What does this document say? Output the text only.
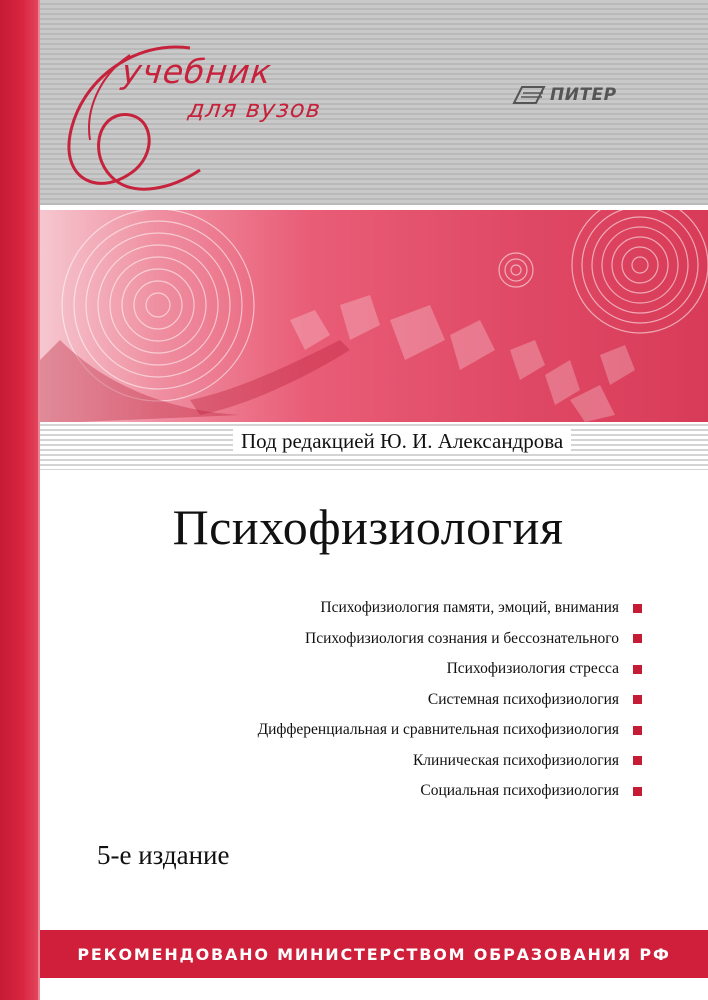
учебник
для вузов	ПИТЕР
Под редакцией Ю. И. Александрова
Психофизиология
Психофизиология памяти, эмоций, внимания
Психофизиология сознания и бессознательного
Психофизиология стресса
Системная психофизиология
Дифференциальная и сравнительная психофизиология
Клиническая психофизиология
Социальная психофизиология
5-е издание
РЕКОМЕНДОВАНО МИНИСТЕРСТВОМ ОБРАЗОВАНИЯ РФ
